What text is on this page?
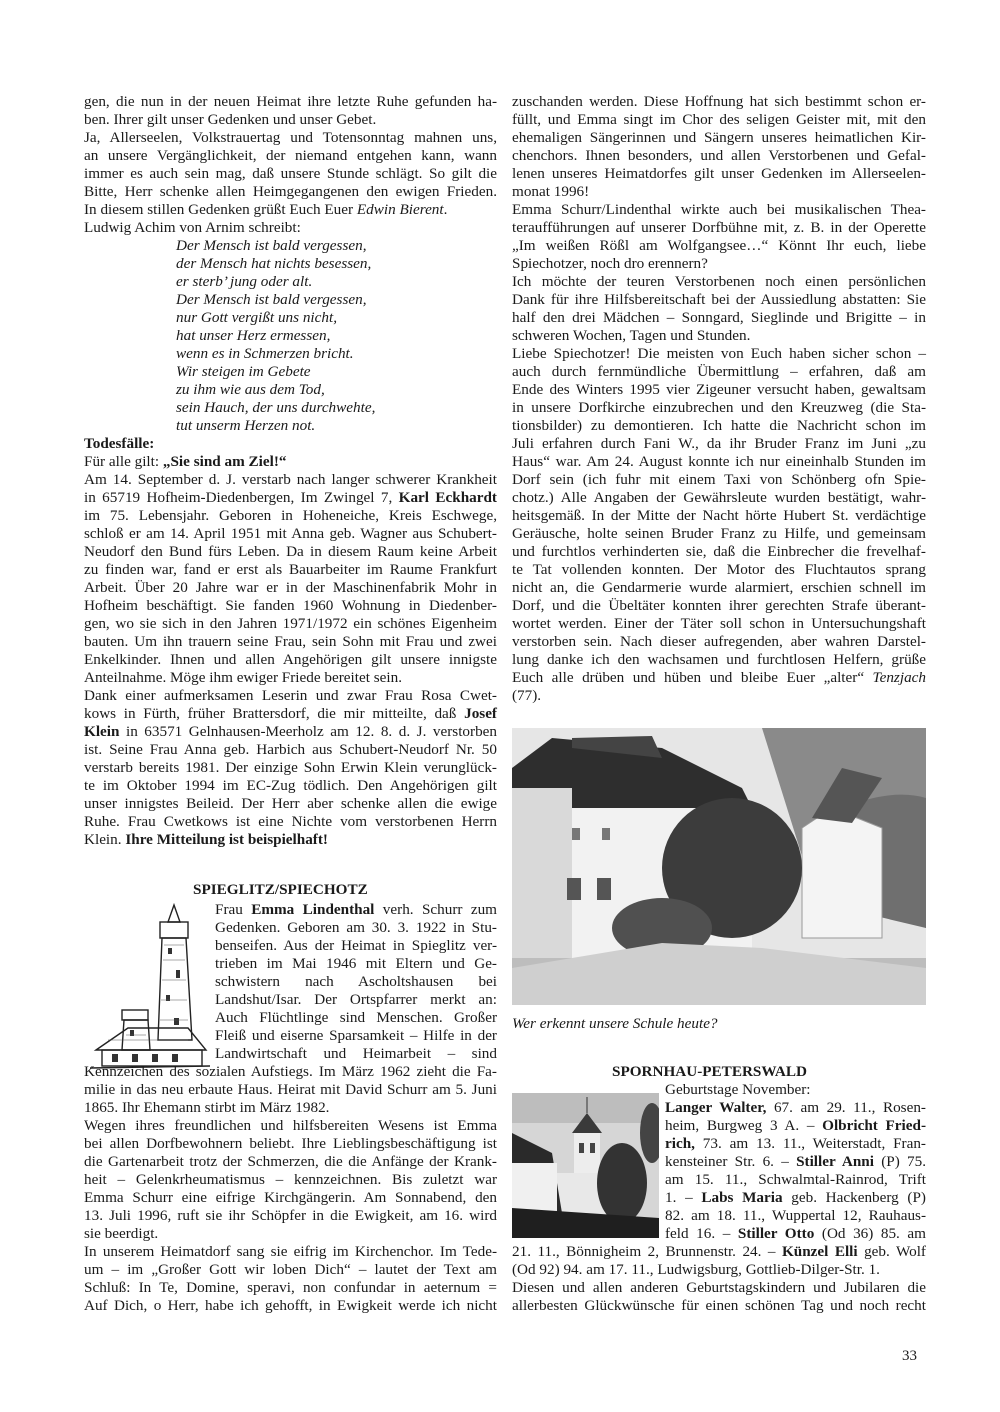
gen, die nun in der neuen Heimat ihre letzte Ruhe gefunden ha-
ben. Ihrer gilt unser Gedenken und unser Gebet.
Ja, Allerseelen, Volkstrauertag und Totensonntag mahnen uns,
an unsere Vergänglichkeit, der niemand entgehen kann, wann
immer es auch sein mag, daß unsere Stunde schlägt. So gilt die
Bitte, Herr schenke allen Heimgegangenen den ewigen Frieden.
In diesem stillen Gedenken grüßt Euch Euer Edwin Bierent.
Ludwig Achim von Arnim schreibt:
Der Mensch ist bald vergessen,
der Mensch hat nichts besessen,
er sterb’ jung oder alt.
Der Mensch ist bald vergessen,
nur Gott vergißt uns nicht,
hat unser Herz ermessen,
wenn es in Schmerzen bricht.
Wir steigen im Gebete
zu ihm wie aus dem Tod,
sein Hauch, der uns durchwehte,
tut unserm Herzen not.
Todesfälle:
Für alle gilt: „Sie sind am Ziel!“
Am 14. September d. J. verstarb nach langer schwerer Krankheit
in 65719 Hofheim-Diedenbergen, Im Zwingel 7, Karl Eckhardt
im 75. Lebensjahr. Geboren in Hoheneiche, Kreis Eschwege,
schloß er am 14. April 1951 mit Anna geb. Wagner aus Schubert-
Neudorf den Bund fürs Leben. Da in diesem Raum keine Arbeit
zu finden war, fand er erst als Bauarbeiter im Raume Frankfurt
Arbeit. Über 20 Jahre war er in der Maschinenfabrik Mohr in
Hofheim beschäftigt. Sie fanden 1960 Wohnung in Diedenber-
gen, wo sie sich in den Jahren 1971/1972 ein schönes Eigenheim
bauten. Um ihn trauern seine Frau, sein Sohn mit Frau und zwei
Enkelkinder. Ihnen und allen Angehörigen gilt unsere innigste
Anteilnahme. Möge ihm ewiger Friede bereitet sein.
Dank einer aufmerksamen Leserin und zwar Frau Rosa Cwet-
kows in Fürth, früher Brattersdorf, die mir mitteilte, daß Josef
Klein in 63571 Gelnhausen-Meerholz am 12. 8. d. J. verstorben
ist. Seine Frau Anna geb. Harbich aus Schubert-Neudorf Nr. 50
verstarb bereits 1981. Der einzige Sohn Erwin Klein verunglück-
te im Oktober 1994 im EC-Zug tödlich. Den Angehörigen gilt
unser innigstes Beileid. Der Herr aber schenke allen die ewige
Ruhe. Frau Cwetkows ist eine Nichte vom verstorbenen Herrn
Klein. Ihre Mitteilung ist beispielhaft!
SPIEGLITZ/SPIECHOTZ
Frau Emma Lindenthal verh. Schurr zum
Gedenken. Geboren am 30. 3. 1922 in Stu-
benseifen. Aus der Heimat in Spieglitz ver-
trieben im Mai 1946 mit Eltern und Ge-
schwistern nach Ascholtshausen bei
Landshut/Isar. Der Ortspfarrer merkt an:
Auch Flüchtlinge sind Menschen. Großer
Fleiß und eiserne Sparsamkeit – Hilfe in der
Landwirtschaft und Heimarbeit – sind
Kennzeichen des sozialen Aufstiegs. Im März 1962 zieht die Fa-
milie in das neu erbaute Haus. Heirat mit David Schurr am 5. Juni
1865. Ihr Ehemann stirbt im März 1982.
Wegen ihres freundlichen und hilfsbereiten Wesens ist Emma
bei allen Dorfbewohnern beliebt. Ihre Lieblingsbeschäftigung ist
die Gartenarbeit trotz der Schmerzen, die die Anfänge der Krank-
heit – Gelenkrheumatismus – kennzeichnen. Bis zuletzt war
Emma Schurr eine eifrige Kirchgängerin. Am Sonnabend, den
13. Juli 1996, ruft sie ihr Schöpfer in die Ewigkeit, am 16. wird
sie beerdigt.
In unserem Heimatdorf sang sie eifrig im Kirchenchor. Im Tede-
um – im „Großer Gott wir loben Dich“ – lautet der Text am
Schluß: In Te, Domine, speravi, non confundar in aeternum =
Auf Dich, o Herr, habe ich gehofft, in Ewigkeit werde ich nicht
zuschanden werden. Diese Hoffnung hat sich bestimmt schon er-
füllt, und Emma singt im Chor des seligen Geister mit, mit den
ehemaligen Sängerinnen und Sängern unseres heimatlichen Kir-
chenchors. Ihnen besonders, und allen Verstorbenen und Gefal-
lenen unseres Heimatdorfes gilt unser Gedenken im Allerseelen-
monat 1996!
Emma Schurr/Lindenthal wirkte auch bei musikalischen Thea-
teraufführungen auf unserer Dorfbühne mit, z. B. in der Operette
„Im weißen Rößl am Wolfgangsee…“ Könnt Ihr euch, liebe
Spiechotzer, noch dro erennern?
Ich möchte der teuren Verstorbenen noch einen persönlichen
Dank für ihre Hilfsbereitschaft bei der Aussiedlung abstatten: Sie
half den drei Mädchen – Sonngard, Sieglinde und Brigitte – in
schweren Wochen, Tagen und Stunden.
Liebe Spiechotzer! Die meisten von Euch haben sicher schon –
auch durch fernmündliche Übermittlung – erfahren, daß am
Ende des Winters 1995 vier Zigeuner versucht haben, gewaltsam
in unsere Dorfkirche einzubrechen und den Kreuzweg (die Sta-
tionsbilder) zu demontieren. Ich hatte die Nachricht schon im
Juli erfahren durch Fani W., da ihr Bruder Franz im Juni „zu
Haus“ war. Am 24. August konnte ich nur eineinhalb Stunden im
Dorf sein (ich fuhr mit einem Taxi von Schönberg ofn Spie-
chotz.) Alle Angaben der Gewährsleute wurden bestätigt, wahr-
heitsgemäß. In der Mitte der Nacht hörte Hubert St. verdächtige
Geräusche, holte seinen Bruder Franz zu Hilfe, und gemeinsam
und furchtlos verhinderten sie, daß die Einbrecher die frevelhaf-
te Tat vollenden konnten. Der Motor des Fluchtautos sprang
nicht an, die Gendarmerie wurde alarmiert, erschien schnell im
Dorf, und die Übeltäter konnten ihrer gerechten Strafe überant-
wortet werden. Einer der Täter soll schon in Untersuchungshaft
verstorben sein. Nach dieser aufregenden, aber wahren Darstel-
lung danke ich den wachsamen und furchtlosen Helfern, grüße
Euch alle drüben und hüben und bleibe Euer „alter“ Tenzjach
(77).
Wer erkennt unsere Schule heute?
SPORNHAU-PETERSWALD
Geburtstage November:
Langer Walter, 67. am 29. 11., Rosen-
heim, Burgweg 3 A. – Olbricht Fried-
rich, 73. am 13. 11., Weiterstadt, Fran-
kensteiner Str. 6. – Stiller Anni (P) 75.
am 15. 11., Schwalmtal-Rainrod, Trift
1. – Labs Maria geb. Hackenberg (P)
82. am 18. 11., Wuppertal 12, Rauhaus-
feld 16. – Stiller Otto (Od 36) 85. am
21. 11., Bönnigheim 2, Brunnenstr. 24. – Künzel Elli geb. Wolf
(Od 92) 94. am 17. 11., Ludwigsburg, Gottlieb-Dilger-Str. 1.
Diesen und allen anderen Geburtstagskindern und Jubilaren die
allerbesten Glückwünsche für einen schönen Tag und noch recht
33
